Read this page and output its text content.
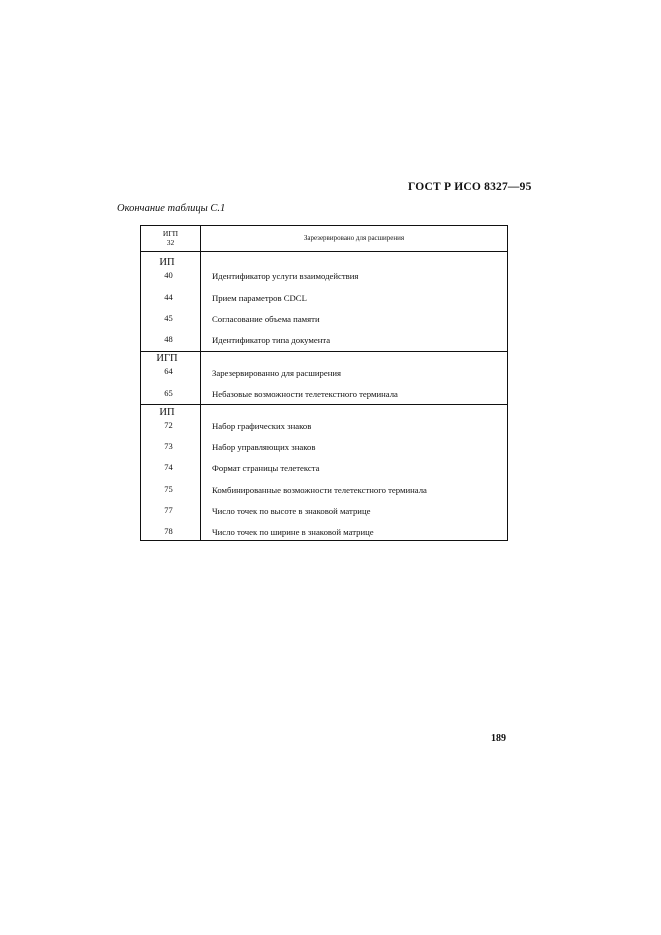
ГОСТ Р ИСО 8327—95
Окончание таблицы С.1
ИГП
32	Зарезервировано для расширения
ИП
40	Идентификатор услуги взаимодействия
44	Прием параметров CDCL
45	Согласование объема памяти
48	Идентификатор типа документа
ИГП
64	Зарезервированно для расширения
65	Небазовые возможности телетекстного терминала
ИП
72	Набор графических знаков
73	Набор управляющих знаков
74	Формат страницы телетекста
75	Комбинированные возможности телетекстного терминала
77	Число точек по высоте в знаковой матрице
78	Число точек по ширине в знаковой матрице
189
